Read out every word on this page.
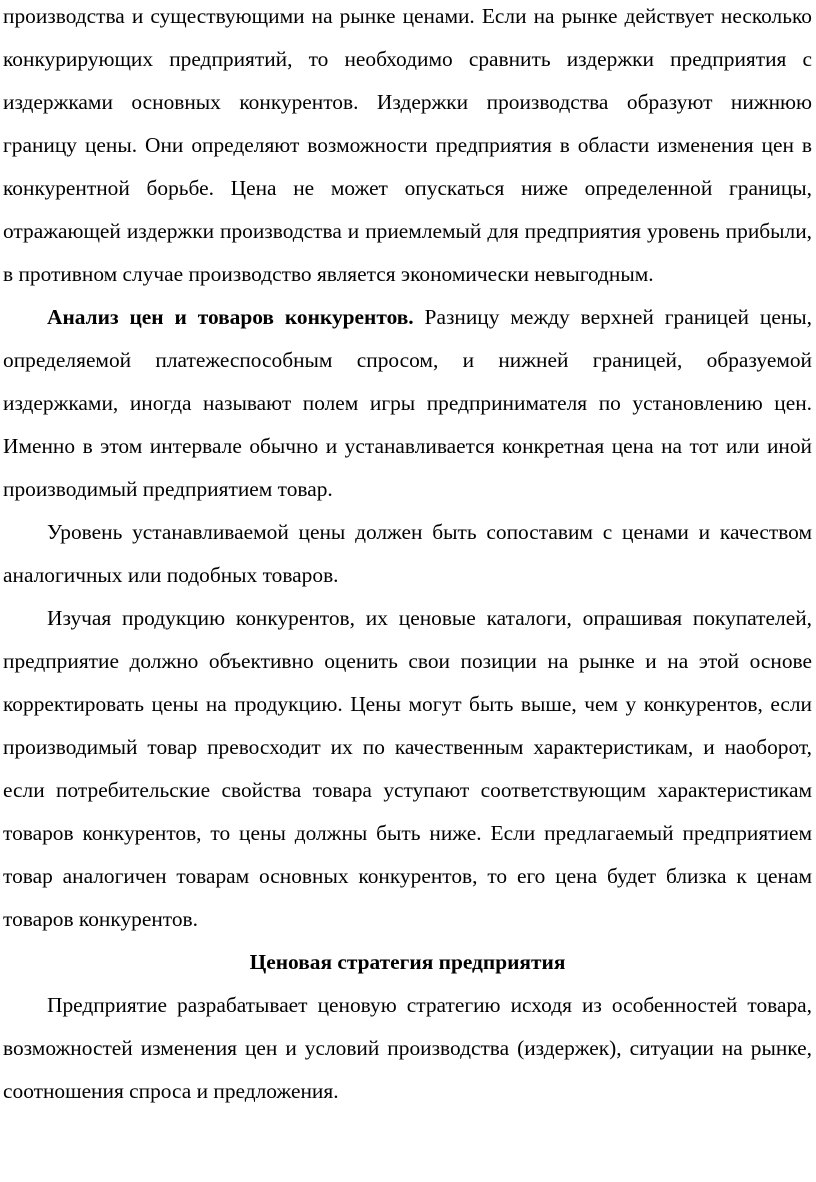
производства и существующими на рынке ценами. Если на рынке действует несколько конкурирующих предприятий, то необходимо сравнить издержки предприятия с издержками основных конкурентов. Издержки производства образуют нижнюю границу цены. Они определяют возможности предприятия в области изменения цен в конкурентной борьбе. Цена не может опускаться ниже определенной границы, отражающей издержки производства и приемлемый для предприятия уровень прибыли, в противном случае производство является экономически невыгодным.

Анализ цен и товаров конкурентов. Разницу между верхней границей цены, определяемой платежеспособным спросом, и нижней границей, образуемой издержками, иногда называют полем игры предпринимателя по установлению цен. Именно в этом интервале обычно и устанавливается конкретная цена на тот или иной производимый предприятием товар.

Уровень устанавливаемой цены должен быть сопоставим с ценами и качеством аналогичных или подобных товаров.

Изучая продукцию конкурентов, их ценовые каталоги, опрашивая покупателей, предприятие должно объективно оценить свои позиции на рынке и на этой основе корректировать цены на продукцию. Цены могут быть выше, чем у конкурентов, если производимый товар превосходит их по качественным характеристикам, и наоборот, если потребительские свойства товара уступают соответствующим характеристикам товаров конкурентов, то цены должны быть ниже. Если предлагаемый предприятием товар аналогичен товарам основных конкурентов, то его цена будет близка к ценам товаров конкурентов.

Ценовая стратегия предприятия

Предприятие разрабатывает ценовую стратегию исходя из особенностей товара, возможностей изменения цен и условий производства (издержек), ситуации на рынке, соотношения спроса и предложения.
